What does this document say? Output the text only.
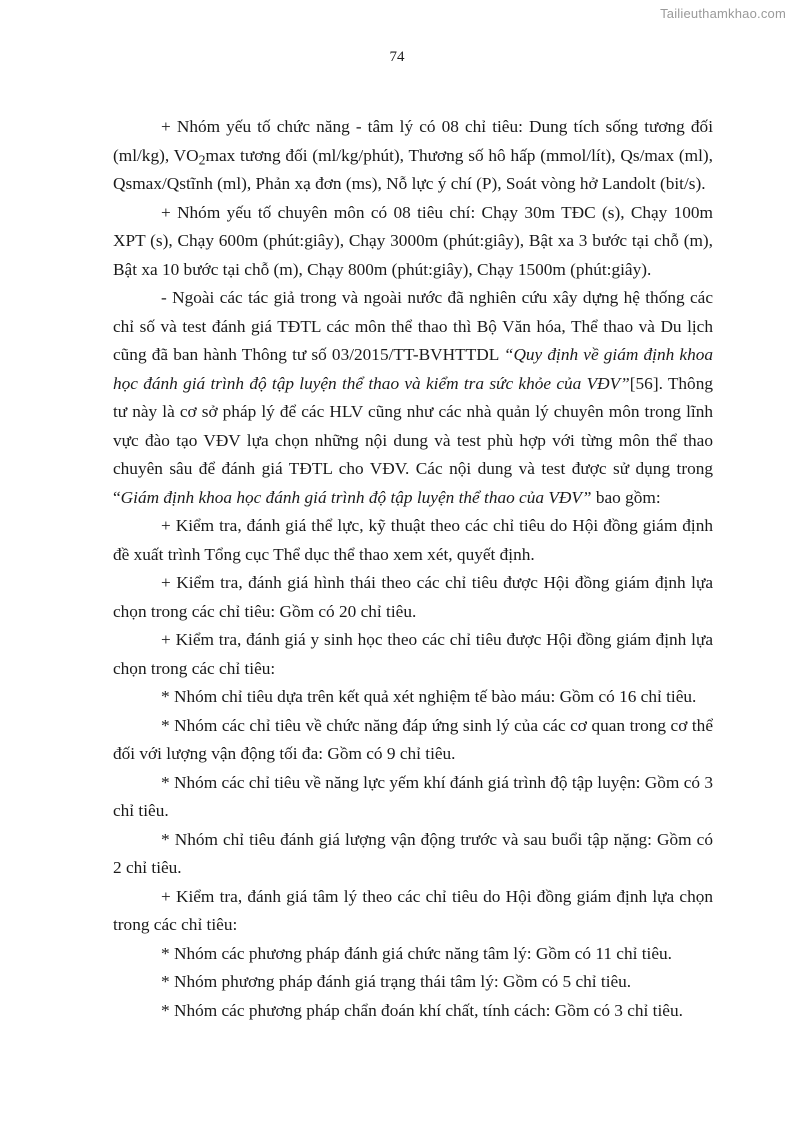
Tailieuthamkhao.com
74

+ Nhóm yếu tố chức năng - tâm lý có 08 chỉ tiêu: Dung tích sống tương đối (ml/kg), $VO_2\max$ tương đối (ml/kg/phút), Thương số hô hấp (mmol/lít), Qs/max (ml), Qsmax/Qstĩnh (ml), Phản xạ đơn (ms), Nỗ lực ý chí (P), Soát vòng hở Landolt (bit/s).

+ Nhóm yếu tố chuyên môn có 08 tiêu chí: Chạy 30m TĐC (s), Chạy 100m XPT (s), Chạy 600m (phút:giây), Chạy 3000m (phút:giây), Bật xa 3 bước tại chỗ (m), Bật xa 10 bước tại chỗ (m), Chạy 800m (phút:giây), Chạy 1500m (phút:giây).

- Ngoài các tác giả trong và ngoài nước đã nghiên cứu xây dựng hệ thống các chỉ số và test đánh giá TĐTL các môn thể thao thì Bộ Văn hóa, Thể thao và Du lịch cũng đã ban hành Thông tư số 03/2015/TT-BVHTTDL “Quy định về giám định khoa học đánh giá trình độ tập luyện thể thao và kiểm tra sức khỏe của VĐV”[56]. Thông tư này là cơ sở pháp lý để các HLV cũng như các nhà quản lý chuyên môn trong lĩnh vực đào tạo VĐV lựa chọn những nội dung và test phù hợp với từng môn thể thao chuyên sâu để đánh giá TĐTL cho VĐV. Các nội dung và test được sử dụng trong “Giám định khoa học đánh giá trình độ tập luyện thể thao của VĐV” bao gồm:

+ Kiểm tra, đánh giá thể lực, kỹ thuật theo các chỉ tiêu do Hội đồng giám định đề xuất trình Tổng cục Thể dục thể thao xem xét, quyết định.

+ Kiểm tra, đánh giá hình thái theo các chỉ tiêu được Hội đồng giám định lựa chọn trong các chỉ tiêu: Gồm có 20 chỉ tiêu.

+ Kiểm tra, đánh giá y sinh học theo các chỉ tiêu được Hội đồng giám định lựa chọn trong các chỉ tiêu:

* Nhóm chỉ tiêu dựa trên kết quả xét nghiệm tế bào máu: Gồm có 16 chỉ tiêu.

* Nhóm các chỉ tiêu về chức năng đáp ứng sinh lý của các cơ quan trong cơ thể đối với lượng vận động tối đa: Gồm có 9 chỉ tiêu.

* Nhóm các chỉ tiêu về năng lực yếm khí đánh giá trình độ tập luyện: Gồm có 3 chỉ tiêu.

* Nhóm chỉ tiêu đánh giá lượng vận động trước và sau buổi tập nặng: Gồm có 2 chỉ tiêu.

+ Kiểm tra, đánh giá tâm lý theo các chỉ tiêu do Hội đồng giám định lựa chọn trong các chỉ tiêu:

* Nhóm các phương pháp đánh giá chức năng tâm lý: Gồm có 11 chỉ tiêu.

* Nhóm phương pháp đánh giá trạng thái tâm lý: Gồm có 5 chỉ tiêu.

* Nhóm các phương pháp chẩn đoán khí chất, tính cách: Gồm có 3 chỉ tiêu.
